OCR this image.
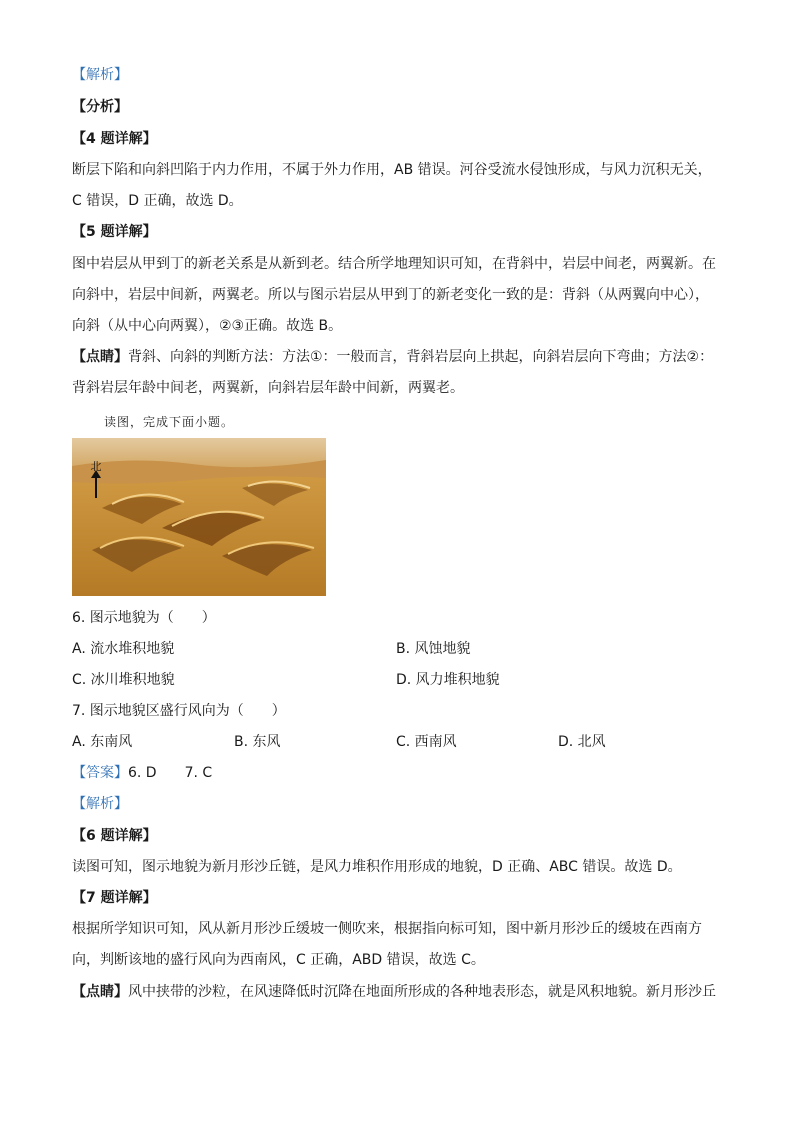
【解析】
【分析】
【4 题详解】
断层下陷和向斜凹陷于内力作用，不属于外力作用，AB 错误。河谷受流水侵蚀形成，与风力沉积无关，
C 错误，D 正确，故选 D。
【5 题详解】
图中岩层从甲到丁的新老关系是从新到老。结合所学地理知识可知，在背斜中，岩层中间老，两翼新。在
向斜中，岩层中间新，两翼老。所以与图示岩层从甲到丁的新老变化一致的是：背斜（从两翼向中心），
向斜（从中心向两翼），②③正确。故选 B。
【点睛】背斜、向斜的判断方法：方法①：一般而言，背斜岩层向上拱起，向斜岩层向下弯曲；方法②：
背斜岩层年龄中间老，两翼新，向斜岩层年龄中间新，两翼老。
读图，完成下面小题。
北
6. 图示地貌为（　　）
A. 流水堆积地貌	B. 风蚀地貌
C. 冰川堆积地貌	D. 风力堆积地貌
7. 图示地貌区盛行风向为（　　）
A. 东南风	B. 东风	C. 西南风	D. 北风
【答案】6. D　　7. C
【解析】
【6 题详解】
读图可知，图示地貌为新月形沙丘链，是风力堆积作用形成的地貌，D 正确、ABC 错误。故选 D。
【7 题详解】
根据所学知识可知，风从新月形沙丘缓坡一侧吹来，根据指向标可知，图中新月形沙丘的缓坡在西南方
向，判断该地的盛行风向为西南风，C 正确，ABD 错误，故选 C。
【点睛】风中挟带的沙粒，在风速降低时沉降在地面所形成的各种地表形态，就是风积地貌。新月形沙丘
